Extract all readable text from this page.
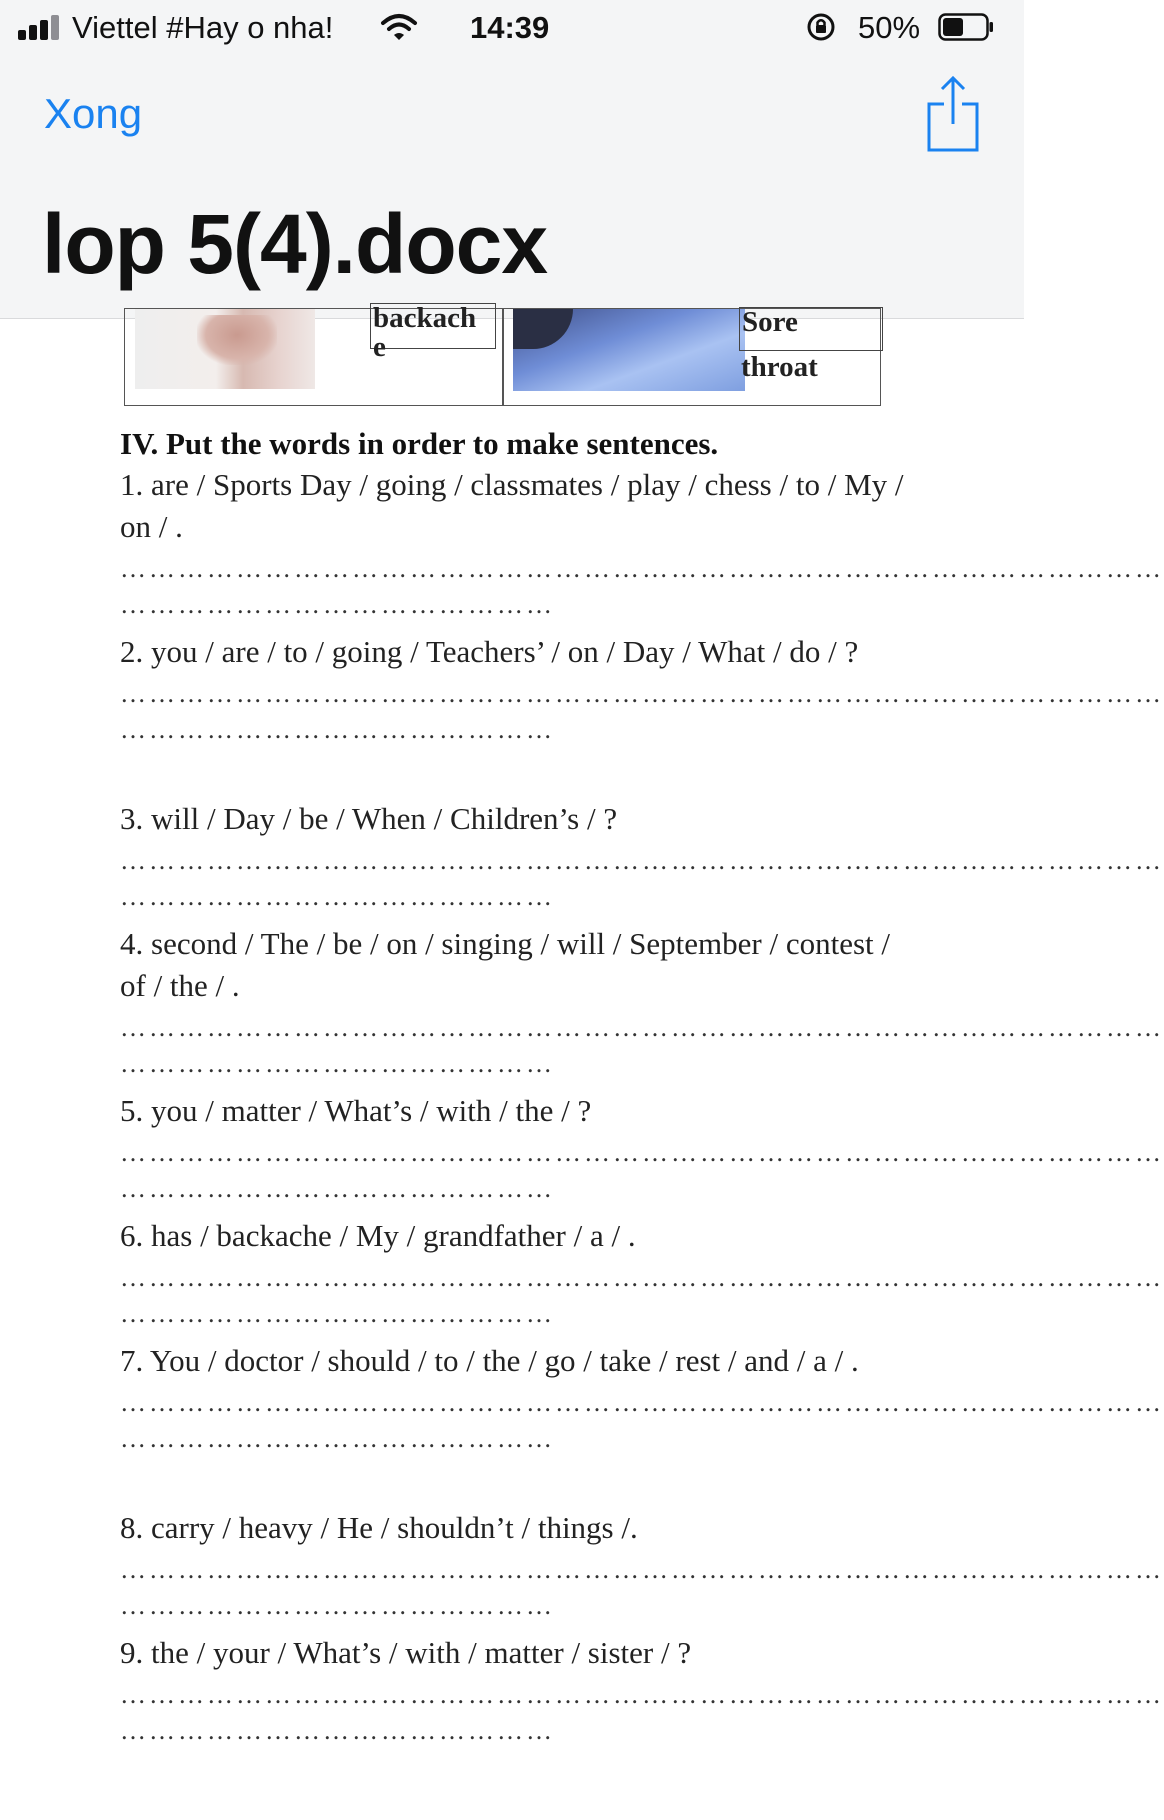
Viettel #Hay o nha!	14:39	50%
Xong
lop 5(4).docx
backach
e
Sore
throat
IV. Put the words in order to make sentences.
1. are / Sports Day / going / classmates / play / chess / to / My / on / .
………………………………………………………………………………………………
………………………………………
2. you / are / to / going / Teachers’ / on / Day / What / do / ?
………………………………………………………………………………………………
………………………………………
3. will / Day / be / When / Children’s / ?
………………………………………………………………………………………………
………………………………………
4. second / The / be / on / singing / will / September / contest / of / the / .
………………………………………………………………………………………………
………………………………………
5. you / matter / What’s / with / the / ?
………………………………………………………………………………………………
………………………………………
6. has / backache / My / grandfather / a / .
………………………………………………………………………………………………
………………………………………
7. You / doctor / should / to / the / go / take / rest / and / a / .
………………………………………………………………………………………………
………………………………………
8. carry / heavy / He / shouldn’t / things /.
………………………………………………………………………………………………
………………………………………
9. the / your / What’s / with / matter / sister / ?
………………………………………………………………………………………………
………………………………………
